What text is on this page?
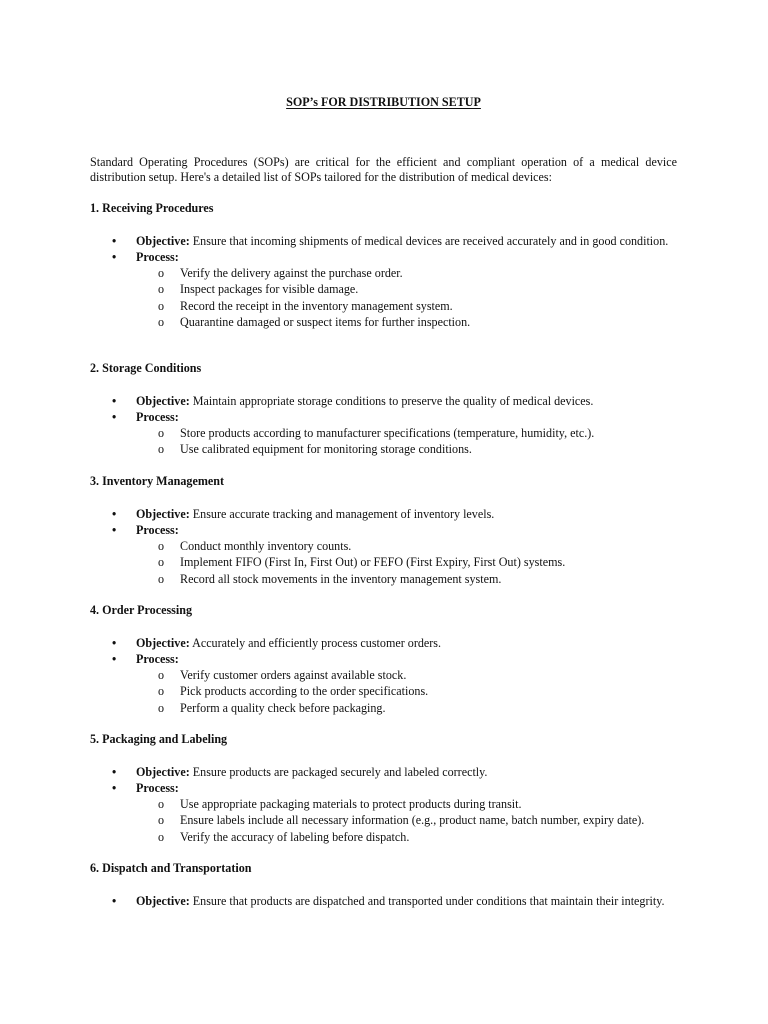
SOP’s FOR DISTRIBUTION SETUP

Standard Operating Procedures (SOPs) are critical for the efficient and compliant operation of a medical device distribution setup. Here's a detailed list of SOPs tailored for the distribution of medical devices:

1. Receiving Procedures

• Objective: Ensure that incoming shipments of medical devices are received accurately and in good condition.
• Process:
o Verify the delivery against the purchase order.
o Inspect packages for visible damage.
o Record the receipt in the inventory management system.
o Quarantine damaged or suspect items for further inspection.

2. Storage Conditions

• Objective: Maintain appropriate storage conditions to preserve the quality of medical devices.
• Process:
o Store products according to manufacturer specifications (temperature, humidity, etc.).
o Use calibrated equipment for monitoring storage conditions.

3. Inventory Management

• Objective: Ensure accurate tracking and management of inventory levels.
• Process:
o Conduct monthly inventory counts.
o Implement FIFO (First In, First Out) or FEFO (First Expiry, First Out) systems.
o Record all stock movements in the inventory management system.

4. Order Processing

• Objective: Accurately and efficiently process customer orders.
• Process:
o Verify customer orders against available stock.
o Pick products according to the order specifications.
o Perform a quality check before packaging.

5. Packaging and Labeling

• Objective: Ensure products are packaged securely and labeled correctly.
• Process:
o Use appropriate packaging materials to protect products during transit.
o Ensure labels include all necessary information (e.g., product name, batch number, expiry date).
o Verify the accuracy of labeling before dispatch.

6. Dispatch and Transportation

• Objective: Ensure that products are dispatched and transported under conditions that maintain their integrity.
